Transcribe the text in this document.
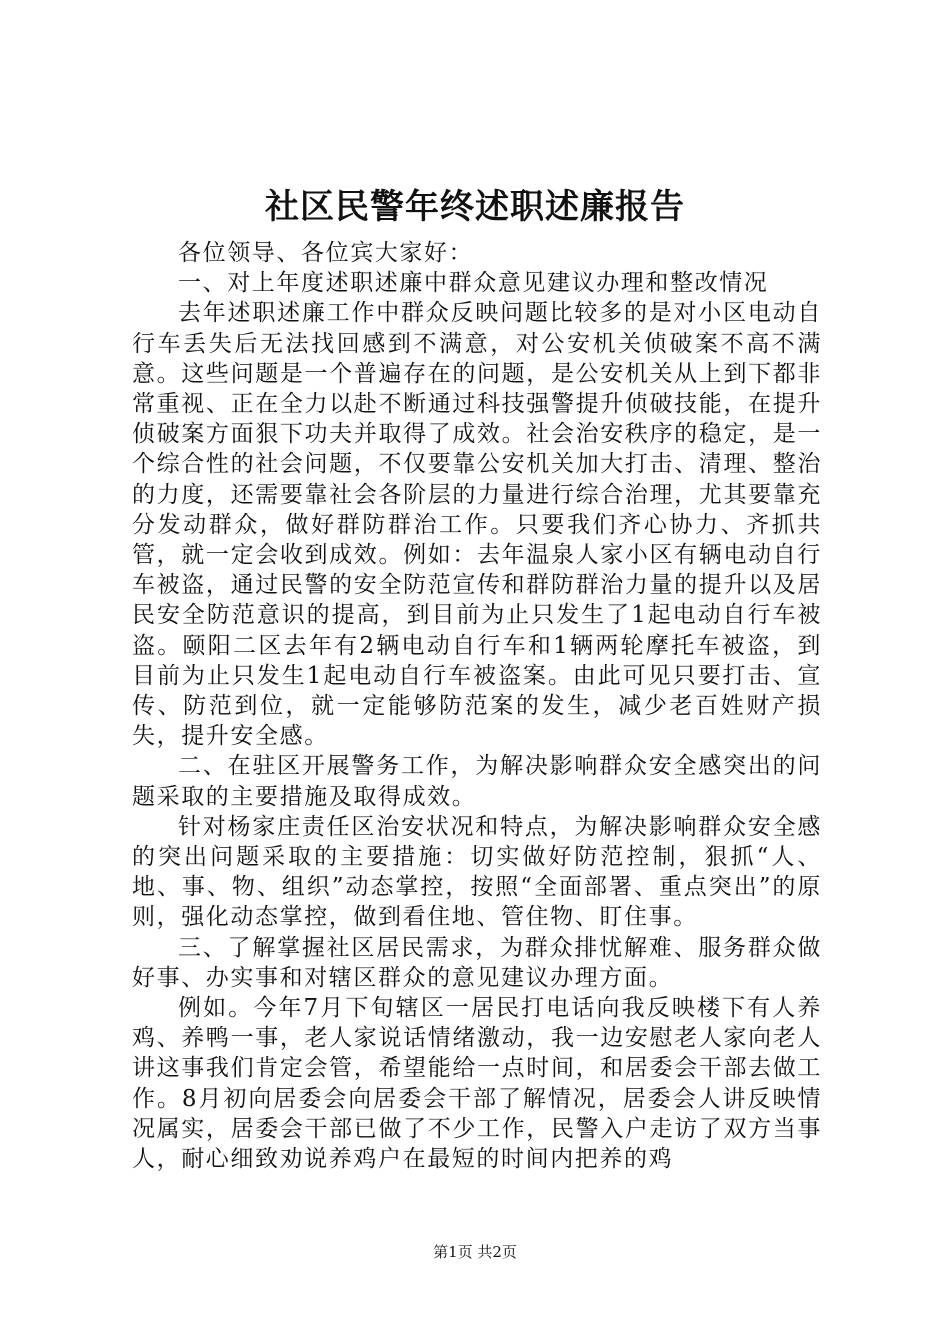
社区民警年终述职述廉报告

各位领导、各位宾大家好：

一、对上年度述职述廉中群众意见建议办理和整改情况

去年述职述廉工作中群众反映问题比较多的是对小区电动自行车丢失后无法找回感到不满意，对公安机关侦破案不高不满意。这些问题是一个普遍存在的问题，是公安机关从上到下都非常重视、正在全力以赴不断通过科技强警提升侦破技能，在提升侦破案方面狠下功夫并取得了成效。社会治安秩序的稳定，是一个综合性的社会问题，不仅要靠公安机关加大打击、清理、整治的力度，还需要靠社会各阶层的力量进行综合治理，尤其要靠充分发动群众，做好群防群治工作。只要我们齐心协力、齐抓共管，就一定会收到成效。例如：去年温泉人家小区有辆电动自行车被盗，通过民警的安全防范宣传和群防群治力量的提升以及居民安全防范意识的提高，到目前为止只发生了1起电动自行车被盗。颐阳二区去年有2辆电动自行车和1辆两轮摩托车被盗，到目前为止只发生1起电动自行车被盗案。由此可见只要打击、宣传、防范到位，就一定能够防范案的发生，减少老百姓财产损失，提升安全感。

二、在驻区开展警务工作，为解决影响群众安全感突出的问题采取的主要措施及取得成效。

针对杨家庄责任区治安状况和特点，为解决影响群众安全感的突出问题采取的主要措施：切实做好防范控制，狠抓“人、地、事、物、组织”动态掌控，按照“全面部署、重点突出”的原则，强化动态掌控，做到看住地、管住物、盯住事。

三、了解掌握社区居民需求，为群众排忧解难、服务群众做好事、办实事和对辖区群众的意见建议办理方面。

例如。今年7月下旬辖区一居民打电话向我反映楼下有人养鸡、养鸭一事，老人家说话情绪激动，我一边安慰老人家向老人讲这事我们肯定会管，希望能给一点时间，和居委会干部去做工作。8月初向居委会向居委会干部了解情况，居委会人讲反映情况属实，居委会干部已做了不少工作，民警入户走访了双方当事人，耐心细致劝说养鸡户在最短的时间内把养的鸡

第1页 共2页
